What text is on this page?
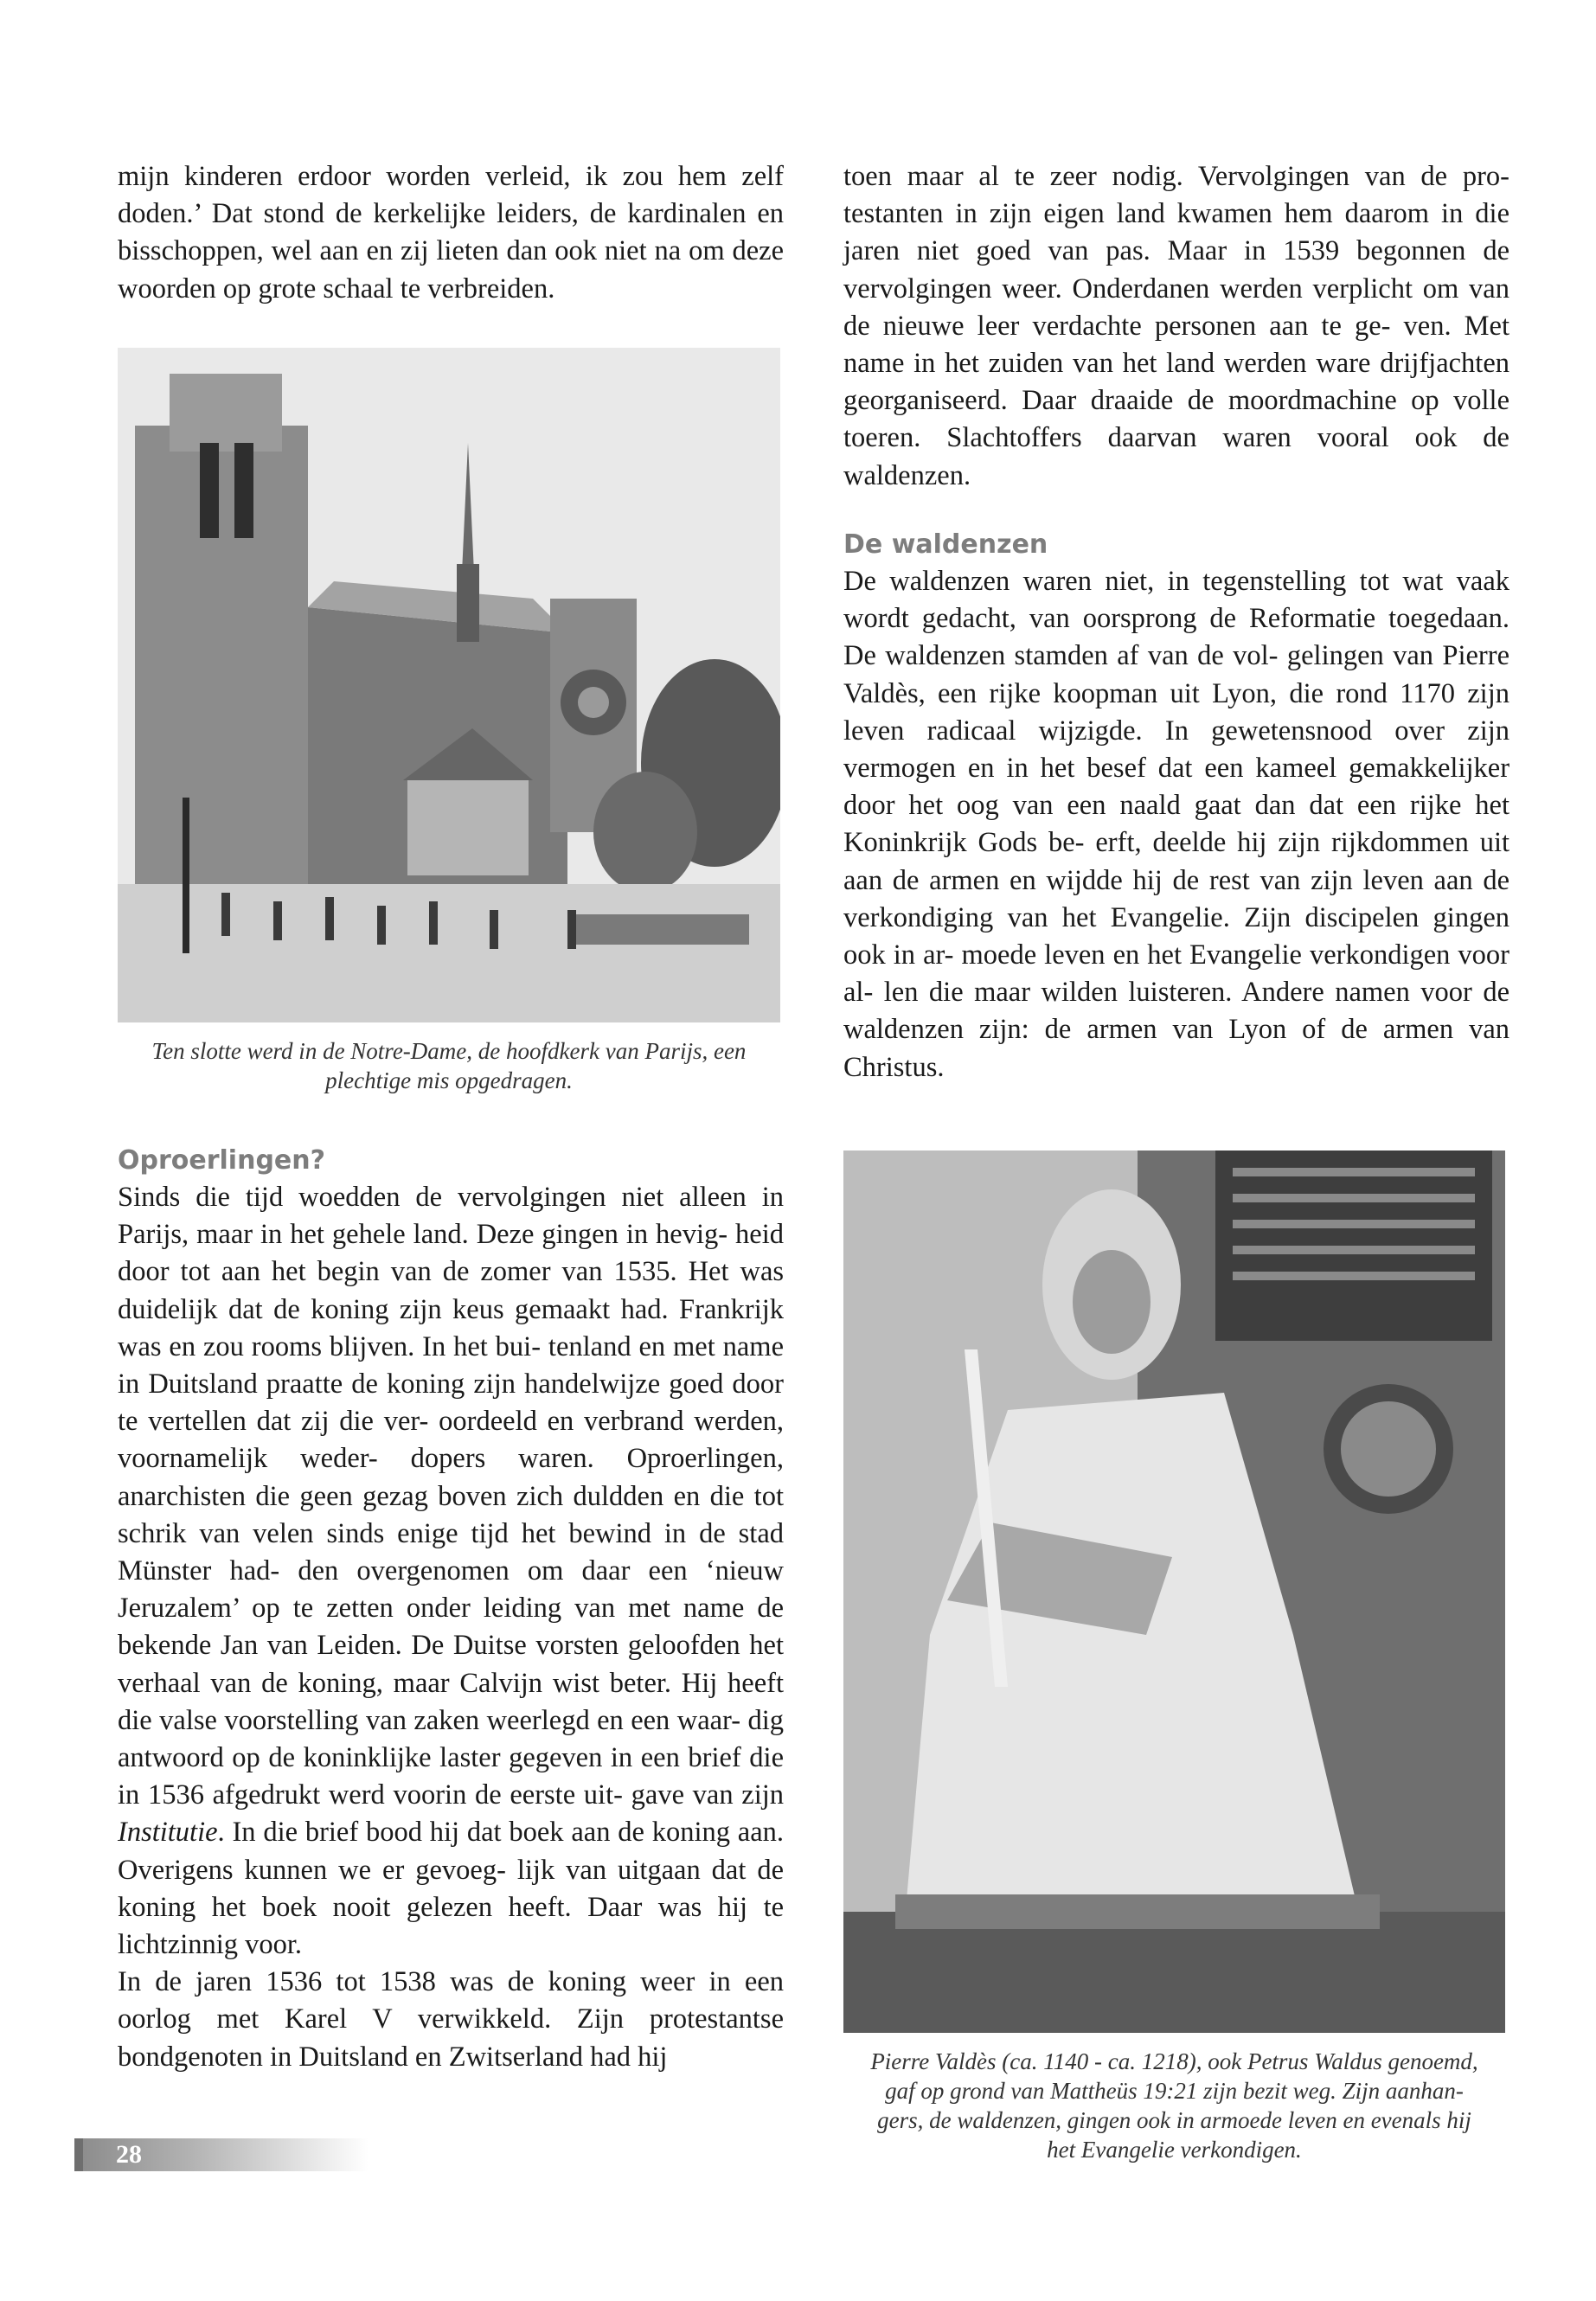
mijn kinderen erdoor worden verleid, ik zou hem zelf doden.’ Dat stond de kerkelijke leiders, de kardinalen en bisschoppen, wel aan en zij lieten dan ook niet na om deze woorden op grote schaal te verbreiden.

Ten slotte werd in de Notre-Dame, de hoofdkerk van Parijs, een plechtige mis opgedragen.
Oproerlingen?

Sinds die tijd woedden de vervolgingen niet alleen in Parijs, maar in het gehele land. Deze gingen in hevig- heid door tot aan het begin van de zomer van 1535. Het was duidelijk dat de koning zijn keus gemaakt had. Frankrijk was en zou rooms blijven. In het bui- tenland en met name in Duitsland praatte de koning zijn handelwijze goed door te vertellen dat zij die ver- oordeeld en verbrand werden, voornamelijk weder- dopers waren. Oproerlingen, anarchisten die geen gezag boven zich duldden en die tot schrik van velen sinds enige tijd het bewind in de stad Münster had- den overgenomen om daar een ‘nieuw Jeruzalem’ op te zetten onder leiding van met name de bekende Jan van Leiden. De Duitse vorsten geloofden het verhaal van de koning, maar Calvijn wist beter. Hij heeft die valse voorstelling van zaken weerlegd en een waar- dig antwoord op de koninklijke laster gegeven in een brief die in 1536 afgedrukt werd voorin de eerste uit- gave van zijn Institutie. In die brief bood hij dat boek aan de koning aan. Overigens kunnen we er gevoeg- lijk van uitgaan dat de koning het boek nooit gelezen heeft. Daar was hij te lichtzinnig voor.

In de jaren 1536 tot 1538 was de koning weer in een oorlog met Karel V verwikkeld. Zijn protestantse bondgenoten in Duitsland en Zwitserland had hij

toen maar al te zeer nodig. Vervolgingen van de pro- testanten in zijn eigen land kwamen hem daarom in die jaren niet goed van pas. Maar in 1539 begonnen de vervolgingen weer. Onderdanen werden verplicht om van de nieuwe leer verdachte personen aan te ge- ven. Met name in het zuiden van het land werden ware drijfjachten georganiseerd. Daar draaide de moordmachine op volle toeren. Slachtoffers daarvan waren vooral ook de waldenzen.

De waldenzen

De waldenzen waren niet, in tegenstelling tot wat vaak wordt gedacht, van oorsprong de Reformatie toegedaan. De waldenzen stamden af van de vol- gelingen van Pierre Valdès, een rijke koopman uit Lyon, die rond 1170 zijn leven radicaal wijzigde. In gewetensnood over zijn vermogen en in het besef dat een kameel gemakkelijker door het oog van een naald gaat dan dat een rijke het Koninkrijk Gods be- erft, deelde hij zijn rijkdommen uit aan de armen en wijdde hij de rest van zijn leven aan de verkondiging van het Evangelie. Zijn discipelen gingen ook in ar- moede leven en het Evangelie verkondigen voor al- len die maar wilden luisteren. Andere namen voor de waldenzen zijn: de armen van Lyon of de armen van Christus.

Pierre Valdès (ca. 1140 - ca. 1218), ook Petrus Waldus genoemd,
gaf op grond van Mattheüs 19:21 zijn bezit weg. Zijn aanhan-
gers, de waldenzen, gingen ook in armoede leven en evenals hij
het Evangelie verkondigen.
28
